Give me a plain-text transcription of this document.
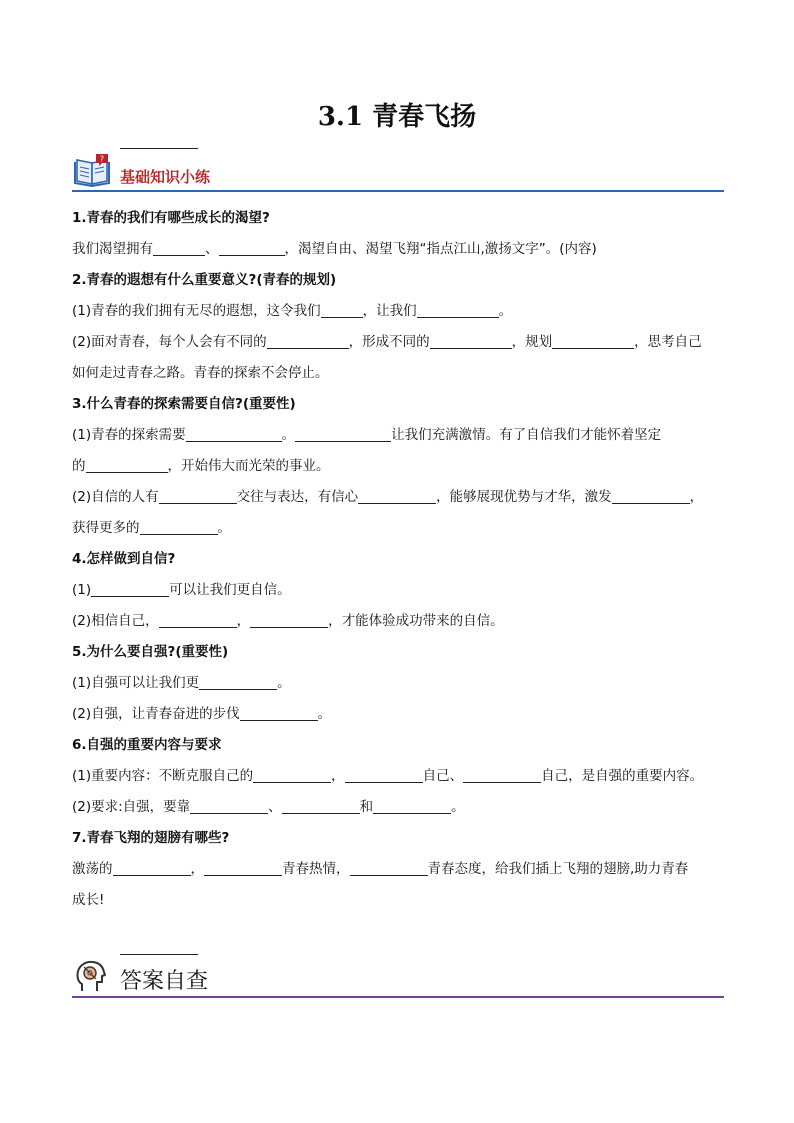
3.1 青春飞扬
?
基础知识小练

1.青春的我们有哪些成长的渴望?

我们渴望拥有	、	，渴望自由、渴望飞翔“指点江山,激扬文字”。(内容)

2.青春的遐想有什么重要意义?(青春的规划)

(1)青春的我们拥有无尽的遐想，这令我们	，让我们	。

(2)面对青春，每个人会有不同的	，形成不同的	，规划	，思考自己

如何走过青春之路。青春的探索不会停止。

3.什么青春的探索需要自信?(重要性)

(1)青春的探索需要	。	让我们充满激情。有了自信我们才能怀着坚定

的	，开始伟大而光荣的事业。

(2)自信的人有	交往与表达，有信心	，能够展现优势与才华，激发	，

获得更多的	。

4.怎样做到自信?

(1)	可以让我们更自信。

(2)相信自己，	，	，才能体验成功带来的自信。

5.为什么要自强?(重要性)

(1)自强可以让我们更	。

(2)自强，让青春奋进的步伐	。

6.自强的重要内容与要求

(1)重要内容：不断克服自己的	，	自己、	自己，是自强的重要内容。

(2)要求:自强，要靠	、	和	。

7.青春飞翔的翅膀有哪些?

激荡的	，	青春热情，	青春态度，给我们插上飞翔的翅膀,助力青春

成长!

答案自查
